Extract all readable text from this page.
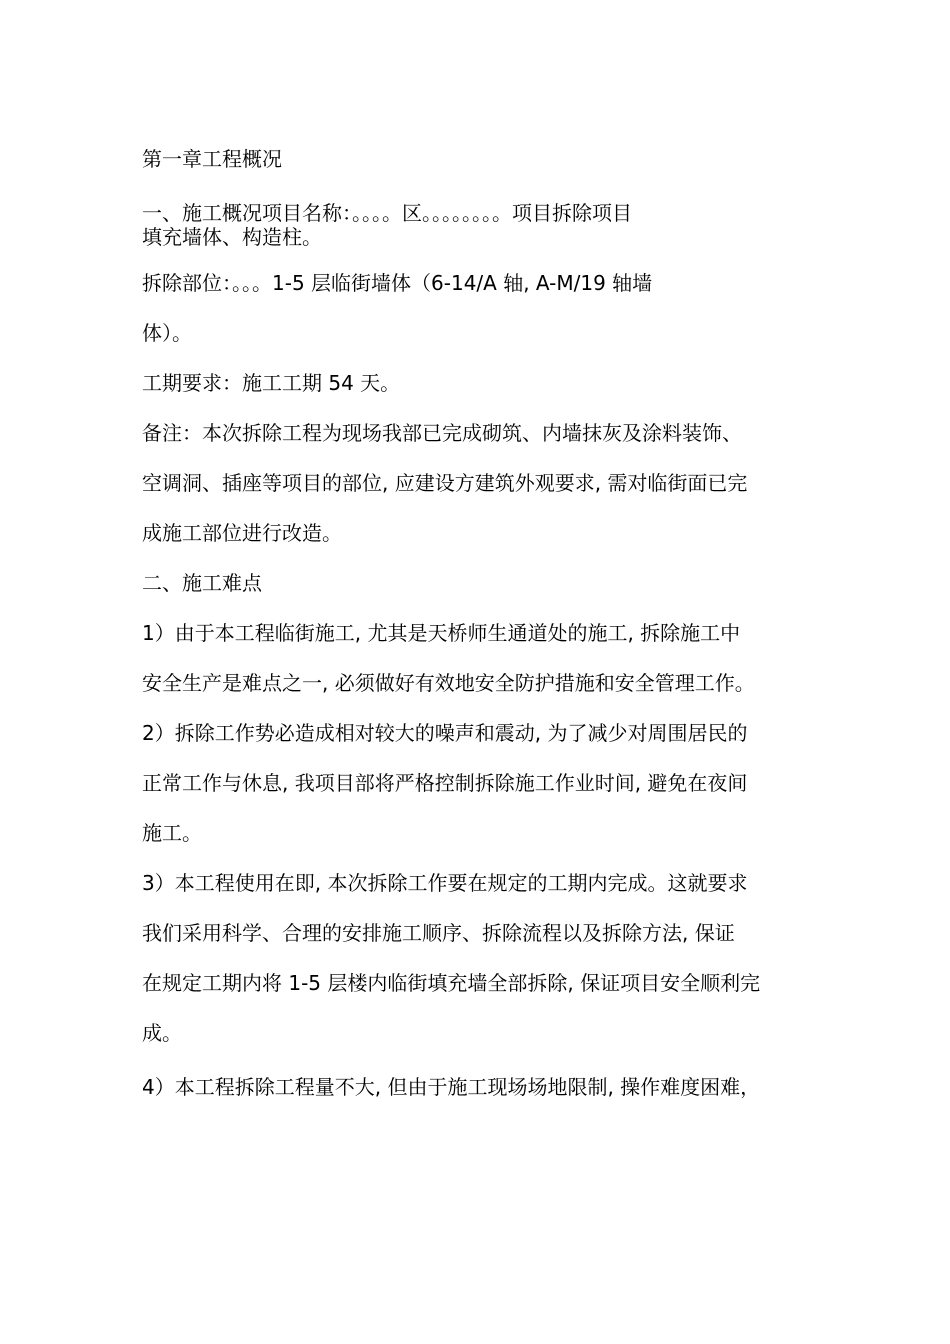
第一章工程概况

一、施工概况项目名称：。。。。区。。。。。。。。项目拆除项目

填充墙体、构造柱。

拆除部位：。。。1-5 层临街墙体（6-14/A 轴, A-M/19 轴墙

体）。

工期要求：施工工期 54 天。

备注：本次拆除工程为现场我部已完成砌筑、内墙抹灰及涂料装饰、

空调洞、插座等项目的部位, 应建设方建筑外观要求, 需对临街面已完

成施工部位进行改造。

二、施工难点

1）由于本工程临街施工, 尤其是天桥师生通道处的施工, 拆除施工中

安全生产是难点之一, 必须做好有效地安全防护措施和安全管理工作。

2）拆除工作势必造成相对较大的噪声和震动, 为了减少对周围居民的

正常工作与休息, 我项目部将严格控制拆除施工作业时间, 避免在夜间

施工。

3）本工程使用在即, 本次拆除工作要在规定的工期内完成。这就要求

我们采用科学、合理的安排施工顺序、拆除流程以及拆除方法, 保证

在规定工期内将 1-5 层楼内临街填充墙全部拆除, 保证项目安全顺利完

成。

4）本工程拆除工程量不大, 但由于施工现场场地限制, 操作难度困难，
